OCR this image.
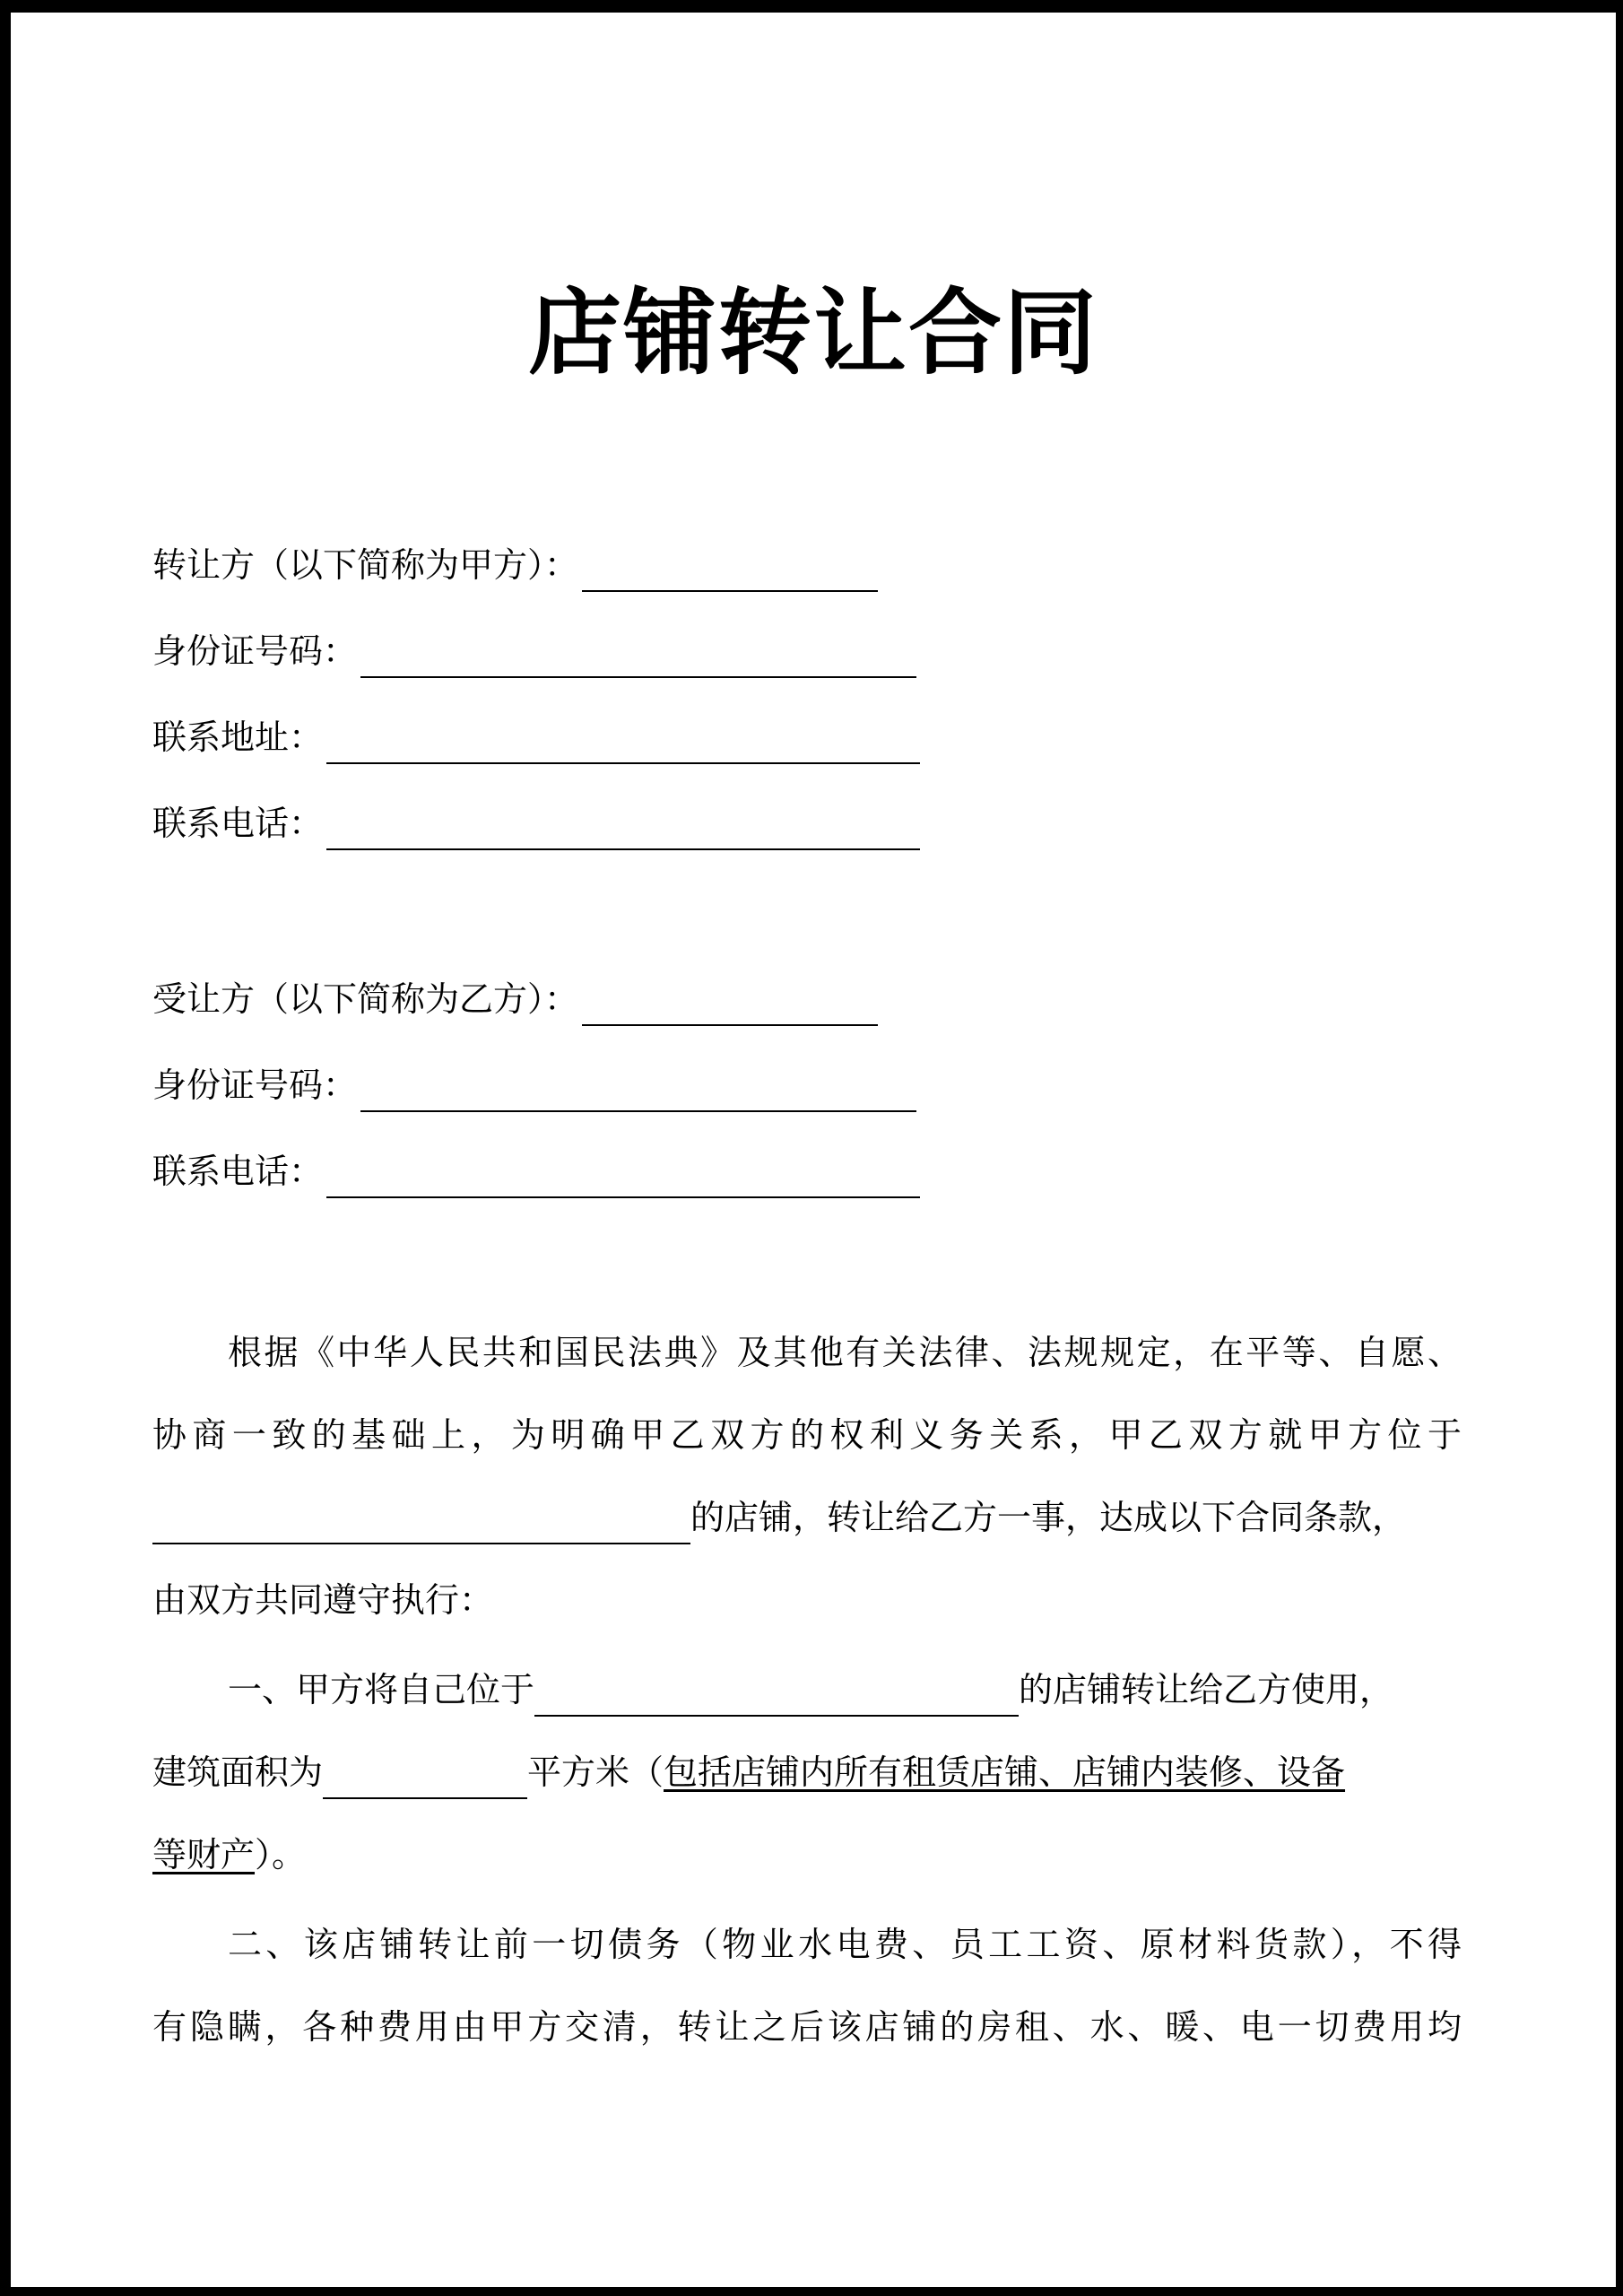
店铺转让合同
转让方（以下简称为甲方）：
身份证号码：
联系地址：
联系电话：
受让方（以下简称为乙方）：
身份证号码：
联系电话：
根据《中华人民共和国民法典》及其他有关法律、法规规定，在平等、自愿、
协商一致的基础上，为明确甲乙双方的权利义务关系，甲乙双方就甲方位于
的店铺，转让给乙方一事，达成以下合同条款，
由双方共同遵守执行：
一、甲方将自己位于	的店铺转让给乙方使用，
建筑面积为	平方米（包括店铺内所有租赁店铺、店铺内装修、设备
等财产）。
二、该店铺转让前一切债务（物业水电费、员工工资、原材料货款），不得
有隐瞒，各种费用由甲方交清，转让之后该店铺的房租、水、暖、电一切费用均
